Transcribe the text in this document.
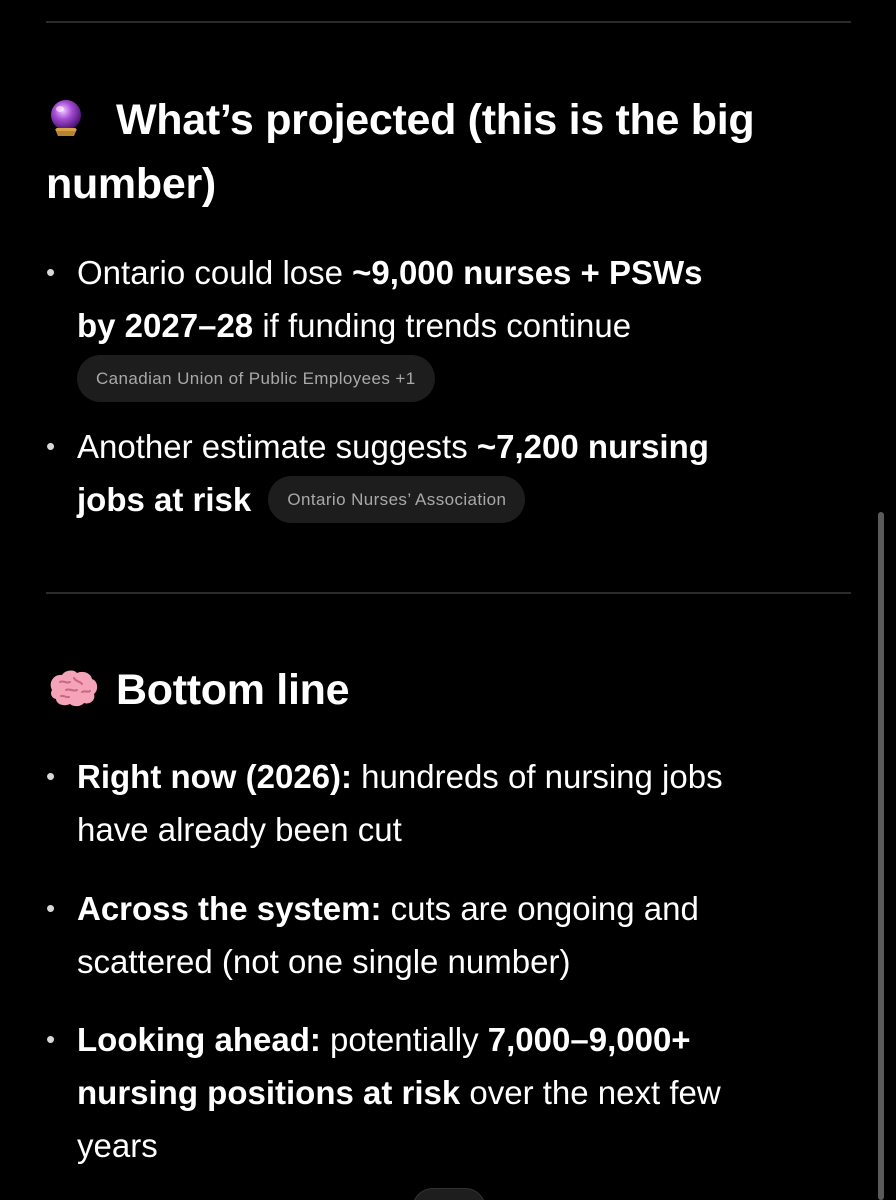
What’s projected (this is the big
number)
• Ontario could lose ~9,000 nurses + PSWs
by 2027–28 if funding trends continue
Canadian Union of Public Employees +1
• Another estimate suggests ~7,200 nursing
jobs at risk Ontario Nurses’ Association
Bottom line
• Right now (2026): hundreds of nursing jobs
have already been cut
• Across the system: cuts are ongoing and
scattered (not one single number)
• Looking ahead: potentially 7,000–9,000+
nursing positions at risk over the next few
years
